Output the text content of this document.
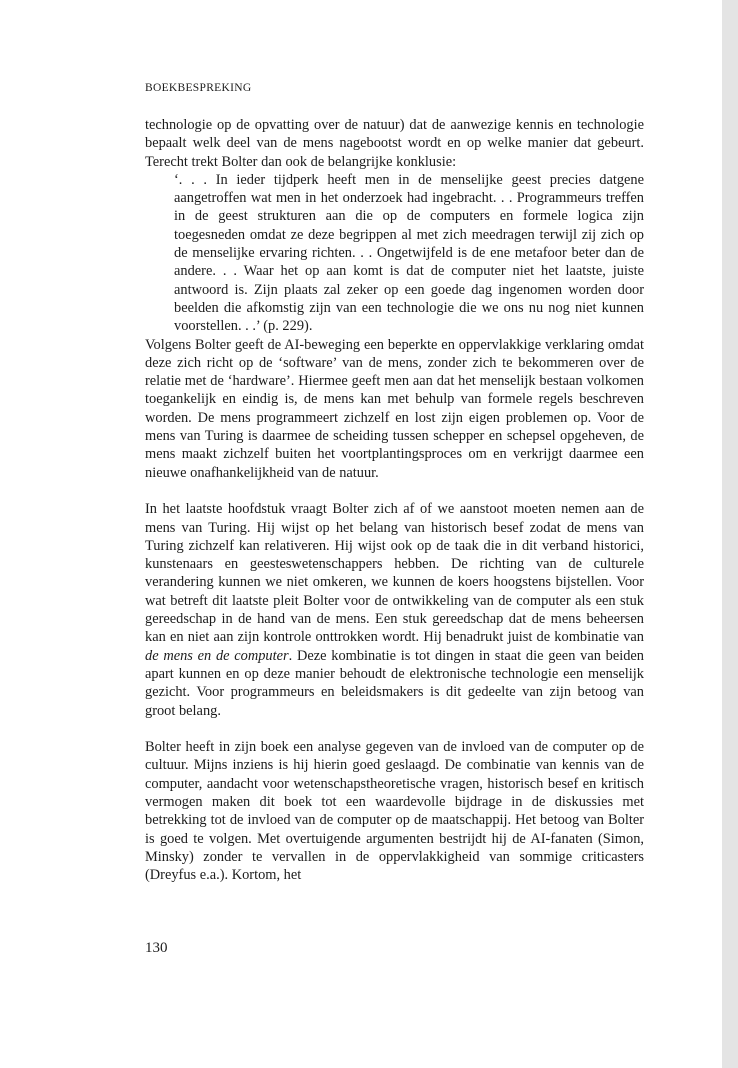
BOEKBESPREKING

technologie op de opvatting over de natuur) dat de aanwezige kennis en technologie bepaalt welk deel van de mens nagebootst wordt en op welke manier dat gebeurt. Terecht trekt Bolter dan ook de belangrijke konklusie:

‘. . . In ieder tijdperk heeft men in de menselijke geest precies datgene aangetroffen wat men in het onderzoek had ingebracht. . . Programmeurs treffen in de geest strukturen aan die op de computers en formele logica zijn toegesneden omdat ze deze begrippen al met zich meedragen terwijl zij zich op de menselijke ervaring richten. . . Ongetwijfeld is de ene metafoor beter dan de andere. . . Waar het op aan komt is dat de computer niet het laatste, juiste antwoord is. Zijn plaats zal zeker op een goede dag ingenomen worden door beelden die afkomstig zijn van een technologie die we ons nu nog niet kunnen voorstellen. . .’ (p. 229).

Volgens Bolter geeft de AI-beweging een beperkte en oppervlakkige verklaring omdat deze zich richt op de ‘software’ van de mens, zonder zich te bekommeren over de relatie met de ‘hardware’. Hiermee geeft men aan dat het menselijk bestaan volkomen toegankelijk en eindig is, de mens kan met behulp van formele regels beschreven worden. De mens programmeert zichzelf en lost zijn eigen problemen op. Voor de mens van Turing is daarmee de scheiding tussen schepper en schepsel opgeheven, de mens maakt zichzelf buiten het voortplantingsproces om en verkrijgt daarmee een nieuwe onafhankelijkheid van de natuur.

In het laatste hoofdstuk vraagt Bolter zich af of we aanstoot moeten nemen aan de mens van Turing. Hij wijst op het belang van historisch besef zodat de mens van Turing zichzelf kan relativeren. Hij wijst ook op de taak die in dit verband historici, kunstenaars en geesteswetenschappers hebben. De richting van de culturele verandering kunnen we niet omkeren, we kunnen de koers hoogstens bijstellen. Voor wat betreft dit laatste pleit Bolter voor de ontwikkeling van de computer als een stuk gereedschap in de hand van de mens. Een stuk gereedschap dat de mens beheersen kan en niet aan zijn kontrole onttrokken wordt. Hij benadrukt juist de kombinatie van de mens en de computer. Deze kombinatie is tot dingen in staat die geen van beiden apart kunnen en op deze manier behoudt de elektronische technologie een menselijk gezicht. Voor programmeurs en beleidsmakers is dit gedeelte van zijn betoog van groot belang.

Bolter heeft in zijn boek een analyse gegeven van de invloed van de computer op de cultuur. Mijns inziens is hij hierin goed geslaagd. De combinatie van kennis van de computer, aandacht voor wetenschapstheoretische vragen, historisch besef en kritisch vermogen maken dit boek tot een waardevolle bijdrage in de diskussies met betrekking tot de invloed van de computer op de maatschappij. Het betoog van Bolter is goed te volgen. Met overtuigende argumenten bestrijdt hij de AI-fanaten (Simon, Minsky) zonder te vervallen in de oppervlakkigheid van sommige criticasters (Dreyfus e.a.). Kortom, het

130
